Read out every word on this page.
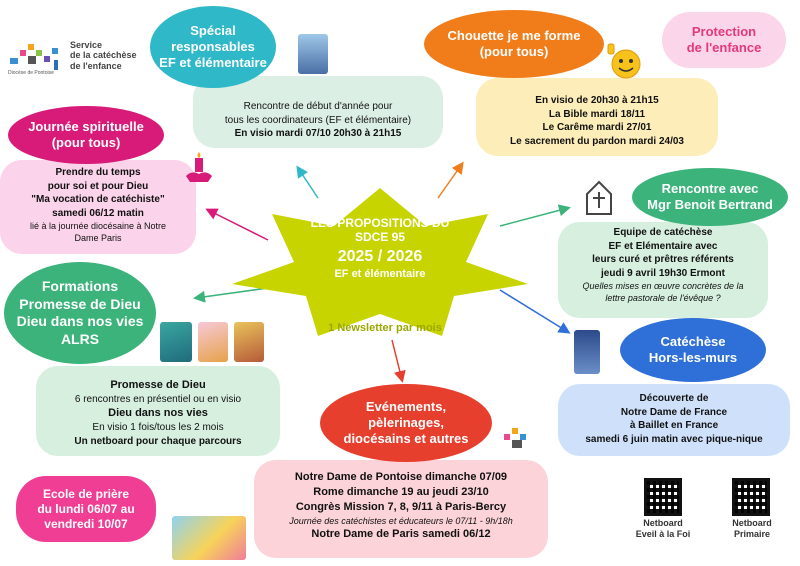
Diocèse de Pontoise
Service
de la catéchèse
de l'enfance
LES PROPOSITIONS DU
SDCE 95
2025 / 2026
EF et élémentaire
1 Newsletter par mois
Rencontre de début d'année pour
tous les coordinateurs (EF et élémentaire)
En visio mardi 07/10 20h30 à 21h15
Spécial
responsables
EF et élémentaire
En visio de 20h30 à 21h15
La Bible mardi 18/11
Le Carême mardi 27/01
Le sacrement du pardon mardi 24/03
Chouette je me forme
(pour tous)
Protection
de l'enfance
Prendre du temps
pour soi et pour Dieu
"Ma vocation de catéchiste"
samedi 06/12 matin
lié à la journée diocésaine à Notre
Dame Paris
Journée spirituelle
(pour tous)
Equipe de catéchèse
EF et Elémentaire avec
leurs curé et prêtres référents
jeudi 9 avril 19h30 Ermont
Quelles mises en œuvre concrètes de la
lettre pastorale de l'évêque ?
Rencontre avec
Mgr Benoit Bertrand
Promesse de Dieu
6 rencontres en présentiel ou en visio
Dieu dans nos vies
En visio 1 fois/tous les 2 mois
Un netboard pour chaque parcours
Formations
Promesse de Dieu
Dieu dans nos vies
ALRS
Notre Dame de Pontoise dimanche 07/09
Rome dimanche 19 au jeudi 23/10
Congrès Mission 7, 8, 9/11 à Paris-Bercy
Journée des catéchistes et éducateurs le 07/11 - 9h/18h
Notre Dame de Paris samedi 06/12
Evénements,
pèlerinages,
diocésains et autres
Découverte de
Notre Dame de France
à Baillet en France
samedi 6 juin matin avec pique-nique
Catéchèse
Hors-les-murs
Ecole de prière
du lundi 06/07 au
vendredi 10/07	Netboard
Eveil à la Foi
Netboard
Primaire
